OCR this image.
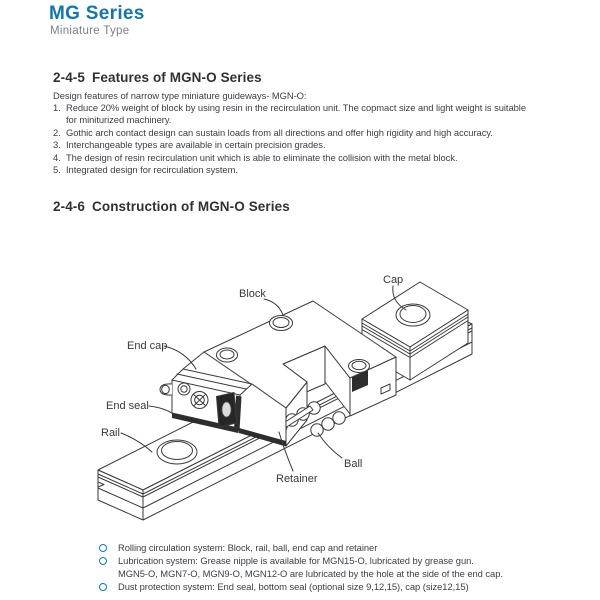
MG Series
Miniature Type
2-4-5 Features of MGN-O Series
Design features of narrow type miniature guideways- MGN-O:
1. Reduce 20% weight of block by using resin in the recirculation unit. The copmact size and light weight is suitable
for miniturized machinery.
2. Gothic arch contact design can sustain loads from all directions and offer high rigidity and high accuracy.
3. Interchangeable types are available in certain precision grades.
4. The design of resin recirculation unit which is able to eliminate the collision with the metal block.
5. Integrated design for recirculation system.
2-4-6 Construction of MGN-O Series
Cap
Block
End cap
End seal
Rail
Retainer
Ball
Rolling circulation system: Block, rail, ball, end cap and retainer
Lubrication system: Grease nipple is available for MGN15-O, lubricated by grease gun.
MGN5-O, MGN7-O, MGN9-O, MGN12-O are lubricated by the hole at the side of the end cap.
Dust protection system: End seal, bottom seal (optional size 9,12,15), cap (size12,15)
